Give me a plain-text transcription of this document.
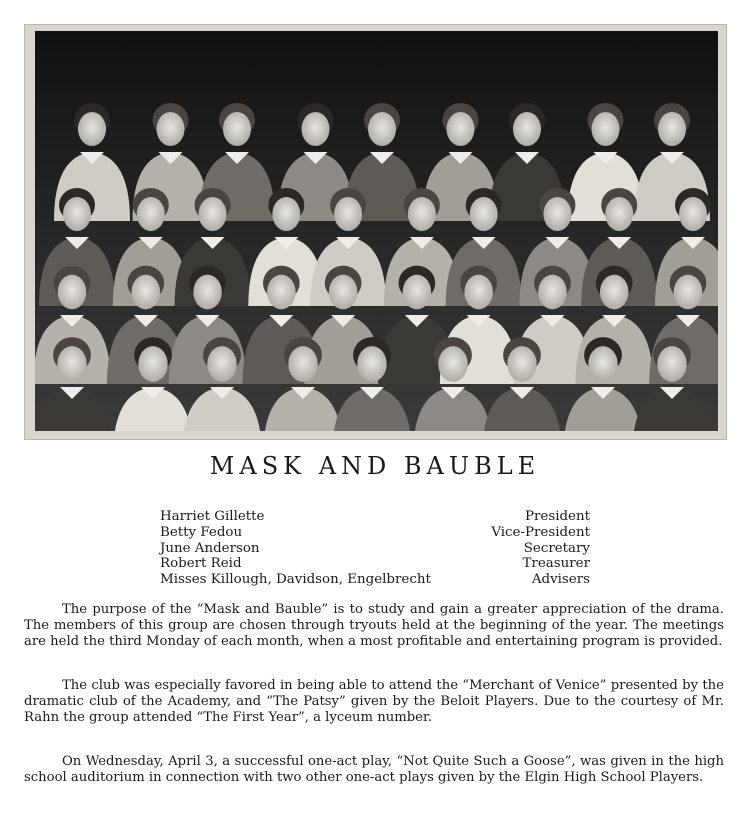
MASK AND BAUBLE
Harriet Gillette	President
Betty Fedou	Vice-President
June Anderson	Secretary
Robert Reid	Treasurer
Misses Killough, Davidson, Engelbrecht	Advisers

The purpose of the “Mask and Bauble” is to study and gain a greater appreciation of the drama. The members of this group are chosen through tryouts held at the beginning of the year. The meetings are held the third Monday of each month, when a most profitable and entertaining program is provided.

The club was especially favored in being able to attend the “Merchant of Venice” presented by the dramatic club of the Academy, and “The Patsy” given by the Beloit Players. Due to the courtesy of Mr. Rahn the group attended “The First Year”, a lyceum number.

On Wednesday, April 3, a successful one-act play, “Not Quite Such a Goose”, was given in the high school auditorium in connection with two other one-act plays given by the Elgin High School Players.
